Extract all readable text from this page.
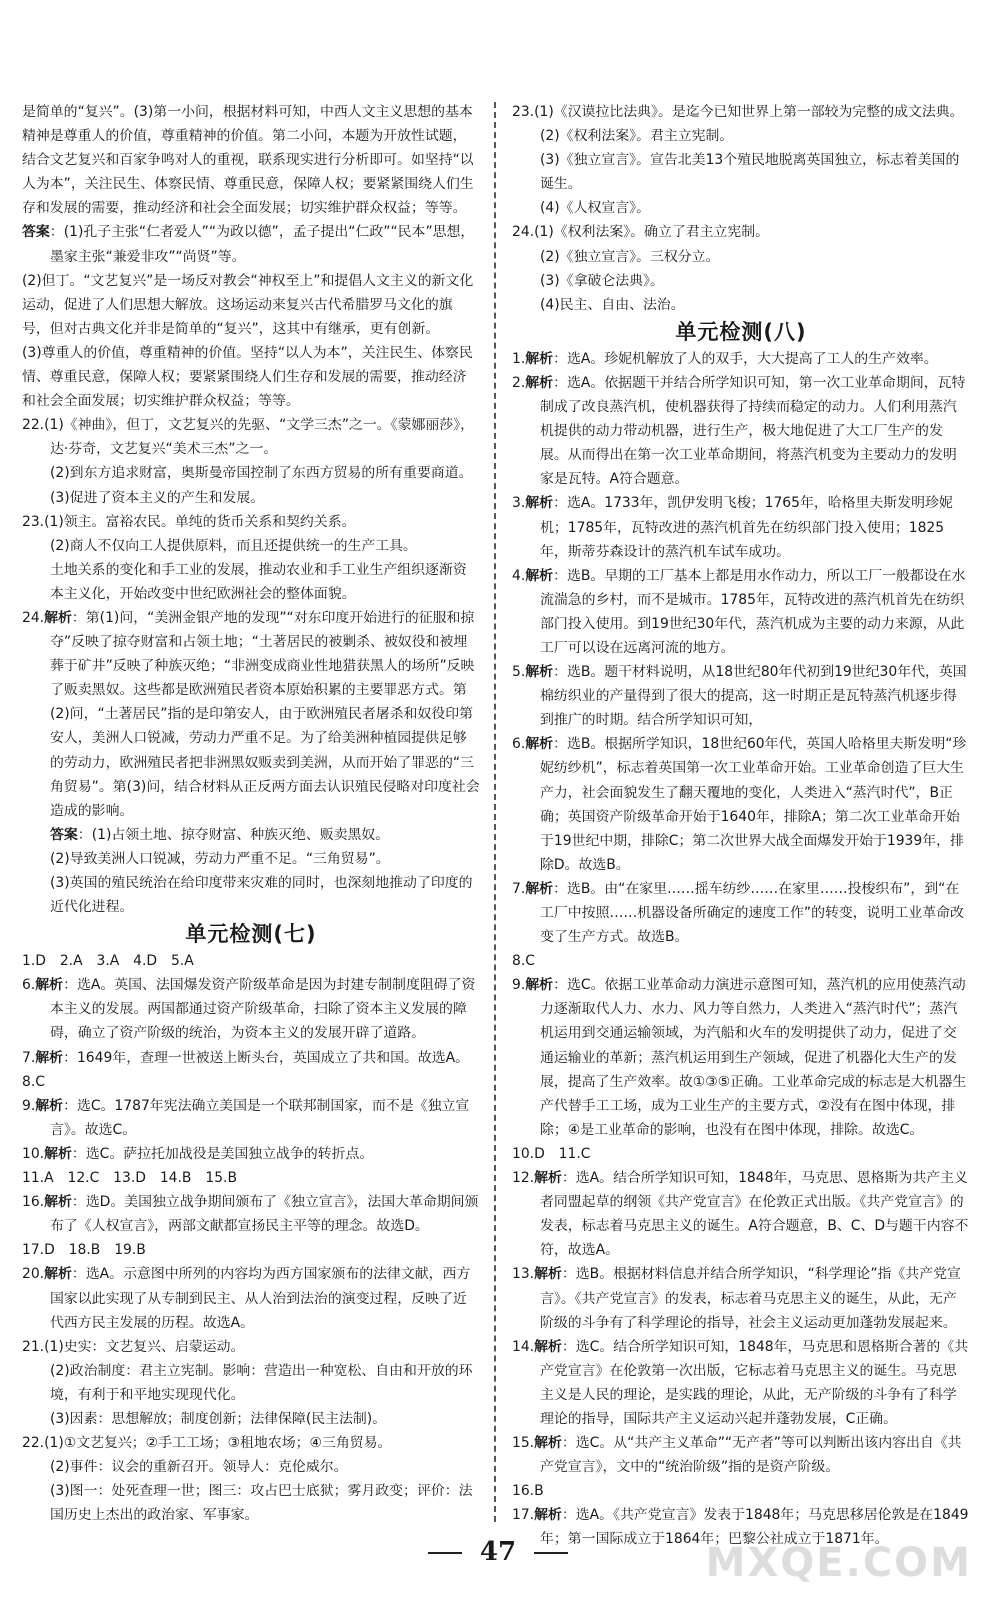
是简单的“复兴”。(3)第一小问，根据材料可知，中西人文主义思想的基本精神是尊重人的价值，尊重精神的价值。第二小问，本题为开放性试题，结合文艺复兴和百家争鸣对人的重视，联系现实进行分析即可。如坚持“以人为本”，关注民生、体察民情、尊重民意，保障人权；要紧紧围绕人们生存和发展的需要，推动经济和社会全面发展；切实维护群众权益；等等。

答案：(1)孔子主张“仁者爱人”“为政以德”，孟子提出“仁政”“民本”思想，墨家主张“兼爱非攻”“尚贤”等。

(2)但丁。“文艺复兴”是一场反对教会“神权至上”和提倡人文主义的新文化运动，促进了人们思想大解放。这场运动来复兴古代希腊罗马文化的旗号，但对古典文化并非是简单的“复兴”，这其中有继承，更有创新。

(3)尊重人的价值，尊重精神的价值。坚持“以人为本”，关注民生、体察民情、尊重民意，保障人权；要紧紧围绕人们生存和发展的需要，推动经济和社会全面发展；切实维护群众权益；等等。

22.(1)《神曲》，但丁，文艺复兴的先驱、“文学三杰”之一。《蒙娜丽莎》，达·芬奇，文艺复兴“美术三杰”之一。

(2)到东方追求财富，奥斯曼帝国控制了东西方贸易的所有重要商道。

(3)促进了资本主义的产生和发展。

23.(1)领主。富裕农民。单纯的货币关系和契约关系。

(2)商人不仅向工人提供原料，而且还提供统一的生产工具。

土地关系的变化和手工业的发展，推动农业和手工业生产组织逐渐资本主义化，开始改变中世纪欧洲社会的整体面貌。

24.解析：第(1)问，“美洲金银产地的发现”“对东印度开始进行的征服和掠夺”反映了掠夺财富和占领土地；“土著居民的被剿杀、被奴役和被埋葬于矿井”反映了种族灭绝；“非洲变成商业性地猎获黑人的场所”反映了贩卖黑奴。这些都是欧洲殖民者资本原始积累的主要罪恶方式。第(2)问，“土著居民”指的是印第安人，由于欧洲殖民者屠杀和奴役印第安人，美洲人口锐减，劳动力严重不足。为了给美洲种植园提供足够的劳动力，欧洲殖民者把非洲黑奴贩卖到美洲，从而开始了罪恶的“三角贸易”。第(3)问，结合材料从正反两方面去认识殖民侵略对印度社会造成的影响。

答案：(1)占领土地、掠夺财富、种族灭绝、贩卖黑奴。

(2)导致美洲人口锐减，劳动力严重不足。“三角贸易”。

(3)英国的殖民统治在给印度带来灾难的同时，也深刻地推动了印度的近代化进程。

单元检测(七)

1.D　2.A　3.A　4.D　5.A

6.解析：选A。英国、法国爆发资产阶级革命是因为封建专制制度阻碍了资本主义的发展。两国都通过资产阶级革命，扫除了资本主义发展的障碍，确立了资产阶级的统治，为资本主义的发展开辟了道路。

7.解析：1649年，查理一世被送上断头台，英国成立了共和国。故选A。

8.C

9.解析：选C。1787年宪法确立美国是一个联邦制国家，而不是《独立宣言》。故选C。

10.解析：选C。萨拉托加战役是美国独立战争的转折点。

11.A　12.C　13.D　14.B　15.B

16.解析：选D。美国独立战争期间颁布了《独立宣言》，法国大革命期间颁布了《人权宣言》，两部文献都宣扬民主平等的理念。故选D。

17.D　18.B　19.B

20.解析：选A。示意图中所列的内容均为西方国家颁布的法律文献，西方国家以此实现了从专制到民主、从人治到法治的演变过程，反映了近代西方民主发展的历程。故选A。

21.(1)史实：文艺复兴、启蒙运动。

(2)政治制度：君主立宪制。影响：营造出一种宽松、自由和开放的环境，有利于和平地实现现代化。

(3)因素：思想解放；制度创新；法律保障(民主法制)。

22.(1)①文艺复兴；②手工工场；③租地农场；④三角贸易。

(2)事件：议会的重新召开。领导人：克伦威尔。

(3)图一：处死查理一世；图三：攻占巴士底狱；雾月政变；评价：法国历史上杰出的政治家、军事家。

23.(1)《汉谟拉比法典》。是迄今已知世界上第一部较为完整的成文法典。

(2)《权利法案》。君主立宪制。

(3)《独立宣言》。宣告北美13个殖民地脱离英国独立，标志着美国的诞生。

(4)《人权宣言》。

24.(1)《权利法案》。确立了君主立宪制。

(2)《独立宣言》。三权分立。

(3)《拿破仑法典》。

(4)民主、自由、法治。

单元检测(八)

1.解析：选A。珍妮机解放了人的双手，大大提高了工人的生产效率。

2.解析：选A。依据题干并结合所学知识可知，第一次工业革命期间，瓦特制成了改良蒸汽机，使机器获得了持续而稳定的动力。人们利用蒸汽机提供的动力带动机器，进行生产，极大地促进了大工厂生产的发展。从而得出在第一次工业革命期间，将蒸汽机变为主要动力的发明家是瓦特。A符合题意。

3.解析：选A。1733年，凯伊发明飞梭；1765年，哈格里夫斯发明珍妮机；1785年，瓦特改进的蒸汽机首先在纺织部门投入使用；1825年，斯蒂芬森设计的蒸汽机车试车成功。

4.解析：选B。早期的工厂基本上都是用水作动力，所以工厂一般都设在水流湍急的乡村，而不是城市。1785年，瓦特改进的蒸汽机首先在纺织部门投入使用。到19世纪30年代，蒸汽机成为主要的动力来源，从此工厂可以设在远离河流的地方。

5.解析：选B。题干材料说明，从18世纪80年代初到19世纪30年代，英国棉纺织业的产量得到了很大的提高，这一时期正是瓦特蒸汽机逐步得到推广的时期。结合所学知识可知，

6.解析：选B。根据所学知识，18世纪60年代，英国人哈格里夫斯发明“珍妮纺纱机”，标志着英国第一次工业革命开始。工业革命创造了巨大生产力，社会面貌发生了翻天覆地的变化，人类进入“蒸汽时代”，B正确；英国资产阶级革命开始于1640年，排除A；第二次工业革命开始于19世纪中期，排除C；第二次世界大战全面爆发开始于1939年，排除D。故选B。

7.解析：选B。由“在家里……摇车纺纱……在家里……投梭织布”，到“在工厂中按照……机器设备所确定的速度工作”的转变，说明工业革命改变了生产方式。故选B。

8.C

9.解析：选C。依据工业革命动力演进示意图可知，蒸汽机的应用使蒸汽动力逐渐取代人力、水力、风力等自然力，人类进入“蒸汽时代”；蒸汽机运用到交通运输领域，为汽船和火车的发明提供了动力，促进了交通运输业的革新；蒸汽机运用到生产领域，促进了机器化大生产的发展，提高了生产效率。故①③⑤正确。工业革命完成的标志是大机器生产代替手工工场，成为工业生产的主要方式，②没有在图中体现，排除；④是工业革命的影响，也没有在图中体现，排除。故选C。

10.D　11.C

12.解析：选A。结合所学知识可知，1848年，马克思、恩格斯为共产主义者同盟起草的纲领《共产党宣言》在伦敦正式出版。《共产党宣言》的发表，标志着马克思主义的诞生。A符合题意，B、C、D与题干内容不符，故选A。

13.解析：选B。根据材料信息并结合所学知识，“科学理论”指《共产党宣言》。《共产党宣言》的发表，标志着马克思主义的诞生，从此，无产阶级的斗争有了科学理论的指导，社会主义运动更加蓬勃发展起来。

14.解析：选C。结合所学知识可知，1848年，马克思和恩格斯合著的《共产党宣言》在伦敦第一次出版，它标志着马克思主义的诞生。马克思主义是人民的理论，是实践的理论，从此，无产阶级的斗争有了科学理论的指导，国际共产主义运动兴起并蓬勃发展，C正确。

15.解析：选C。从“共产主义革命”“无产者”等可以判断出该内容出自《共产党宣言》，文中的“统治阶级”指的是资产阶级。

16.B

17.解析：选A。《共产党宣言》发表于1848年；马克思移居伦敦是在1849年；第一国际成立于1864年；巴黎公社成立于1871年。

47	MXQE.COM
